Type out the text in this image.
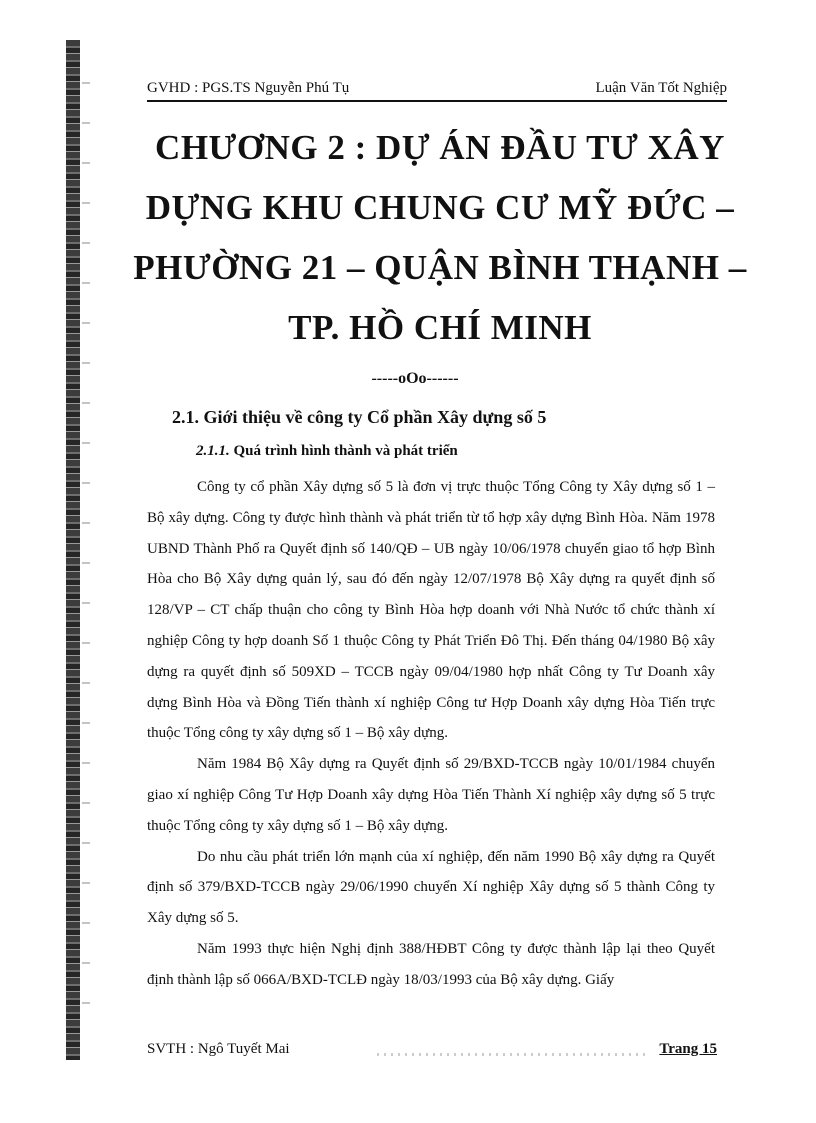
GVHD : PGS.TS Nguyễn Phú Tụ	Luận Văn Tốt Nghiệp
CHƯƠNG 2 : DỰ ÁN ĐẦU TƯ XÂY
DỰNG KHU CHUNG CƯ MỸ ĐỨC –
PHƯỜNG 21 – QUẬN BÌNH THẠNH –
TP. HỒ CHÍ MINH
-----oOo------
2.1. Giới thiệu về công ty Cổ phần Xây dựng số 5
2.1.1. Quá trình hình thành và phát triển

Công ty cổ phần Xây dựng số 5 là đơn vị trực thuộc Tổng Công ty Xây dựng số 1 – Bộ xây dựng. Công ty được hình thành và phát triển từ tổ hợp xây dựng Bình Hòa. Năm 1978 UBND Thành Phố ra Quyết định số 140/QĐ – UB ngày 10/06/1978 chuyển giao tổ hợp Bình Hòa cho Bộ Xây dựng quản lý, sau đó đến ngày 12/07/1978 Bộ Xây dựng ra quyết định số 128/VP – CT chấp thuận cho công ty Bình Hòa hợp doanh với Nhà Nước tổ chức thành xí nghiệp Công ty hợp doanh Số 1 thuộc Công ty Phát Triển Đô Thị. Đến tháng 04/1980 Bộ xây dựng ra quyết định số 509XD – TCCB ngày 09/04/1980 hợp nhất Công ty Tư Doanh xây dựng Bình Hòa và Đồng Tiến thành xí nghiệp Công tư Hợp Doanh xây dựng Hòa Tiến trực thuộc Tổng công ty xây dựng số 1 – Bộ xây dựng.

Năm 1984 Bộ Xây dựng ra Quyết định số 29/BXD-TCCB ngày 10/01/1984 chuyển giao xí nghiệp Công Tư Hợp Doanh xây dựng Hòa Tiến Thành Xí nghiệp xây dựng số 5 trực thuộc Tổng công ty xây dựng số 1 – Bộ xây dựng.

Do nhu cầu phát triển lớn mạnh của xí nghiệp, đến năm 1990 Bộ xây dựng ra Quyết định số 379/BXD-TCCB ngày 29/06/1990 chuyển Xí nghiệp Xây dựng số 5 thành Công ty Xây dựng số 5.

Năm 1993 thực hiện Nghị định 388/HĐBT Công ty được thành lập lại theo Quyết định thành lập số 066A/BXD-TCLĐ ngày 18/03/1993 của Bộ xây dựng. Giấy

SVTH : Ngô Tuyết Mai	Trang 15
